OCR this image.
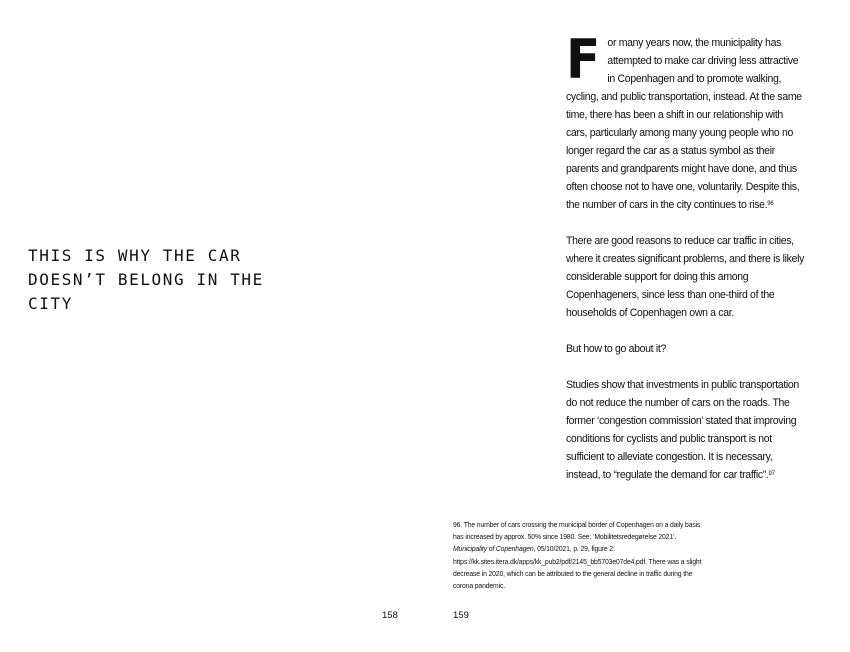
THIS IS WHY THE CAR DOESN’T BELONG IN THE CITY

For many years now, the municipality has attempted to make car driving less attractive in Copenhagen and to promote walking, cycling, and public transportation, instead. At the same time, there has been a shift in our relationship with cars, particularly among many young people who no longer regard the car as a status symbol as their parents and grandparents might have done, and thus often choose not to have one, voluntarily. Despite this, the number of cars in the city continues to rise.$^{96}$

There are good reasons to reduce car traffic in cities, where it creates significant problems, and there is likely considerable support for doing this among Copenhageners, since less than one-third of the households of Copenhagen own a car.

But how to go about it?

Studies show that investments in public transportation do not reduce the number of cars on the roads. The former ‘congestion commission’ stated that improving conditions for cyclists and public transport is not sufficient to alleviate congestion. It is necessary, instead, to “regulate the demand for car traffic”.$^{97}$

96. The number of cars crossing the municipal border of Copenhagen on a daily basis has increased by approx. 50% since 1980. See: ‘Mobilitetsredegørelse 2021’. Municipality of Copenhagen, 05/10/2021, p. 29, figure 2: https://kk.sites.itera.dk/apps/kk_pub2/pdf/2145_bb5703e07de4.pdf. There was a slight decrease in 2020, which can be attributed to the general decline in traffic during the corona pandemic.

158	159
